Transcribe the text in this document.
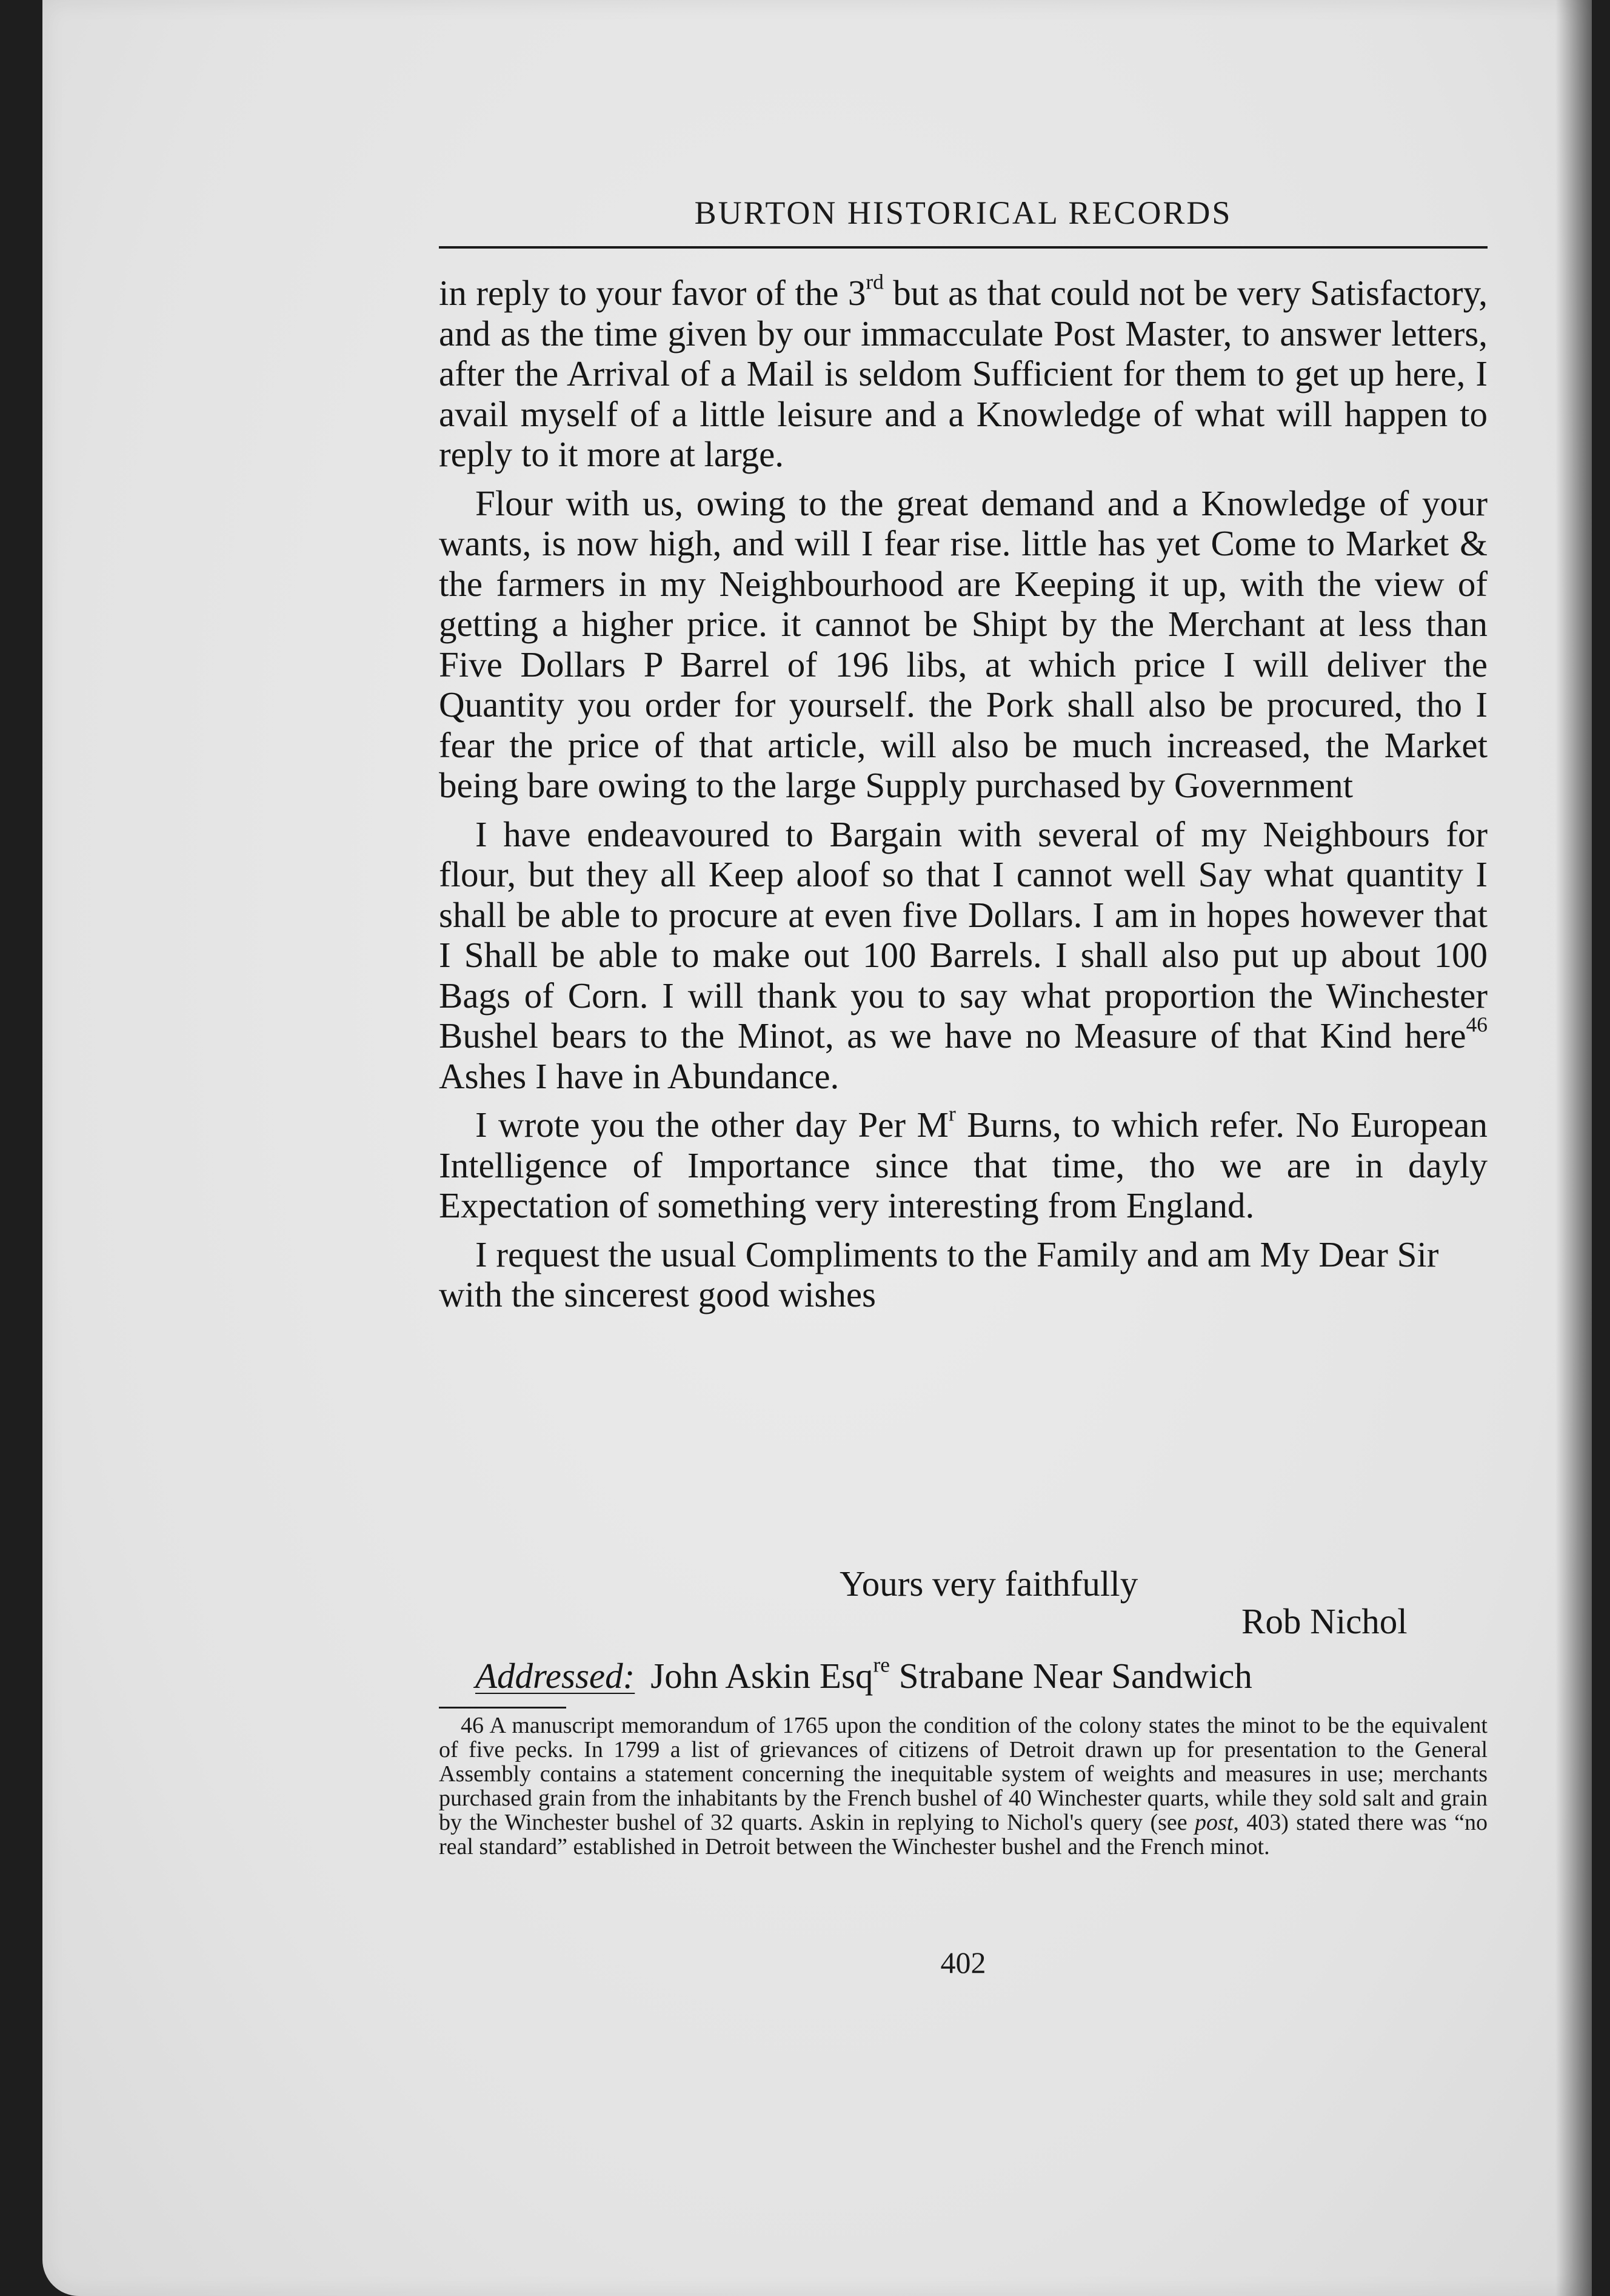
BURTON HISTORICAL RECORDS

in reply to your favor of the 3rd but as that could not be very Satisfactory, and as the time given by our immacculate Post Master, to answer letters, after the Arrival of a Mail is seldom Sufficient for them to get up here, I avail myself of a little leisure and a Knowledge of what will happen to reply to it more at large.

Flour with us, owing to the great demand and a Knowledge of your wants, is now high, and will I fear rise. little has yet Come to Market & the farmers in my Neighbourhood are Keeping it up, with the view of getting a higher price. it cannot be Shipt by the Merchant at less than Five Dollars P Barrel of 196 libs, at which price I will deliver the Quantity you order for yourself. the Pork shall also be procured, tho I fear the price of that article, will also be much increased, the Market being bare owing to the large Supply purchased by Government

I have endeavoured to Bargain with several of my Neighbours for flour, but they all Keep aloof so that I cannot well Say what quantity I shall be able to procure at even five Dollars. I am in hopes however that I Shall be able to make out 100 Barrels. I shall also put up about 100 Bags of Corn. I will thank you to say what proportion the Winchester Bushel bears to the Minot, as we have no Measure of that Kind here$^{46}$ Ashes I have in Abundance.

I wrote you the other day Per $M^r$ Burns, to which refer. No European Intelligence of Importance since that time, tho we are in dayly Expectation of something very interesting from England.

I request the usual Compliments to the Family and am My Dear Sir with the sincerest good wishes

Yours very faithfully
Rob Nichol
Addressed: John Askin Esq$^{re}$ Strabane Near Sandwich
46 A manuscript memorandum of 1765 upon the condition of the colony states the minot to be the equivalent of five pecks. In 1799 a list of grievances of citizens of Detroit drawn up for presentation to the General Assembly contains a statement concerning the inequitable system of weights and measures in use; merchants purchased grain from the inhabitants by the French bushel of 40 Winchester quarts, while they sold salt and grain by the Winchester bushel of 32 quarts. Askin in replying to Nichol's query (see post, 403) stated there was “no real standard” established in Detroit between the Winchester bushel and the French minot.
402
